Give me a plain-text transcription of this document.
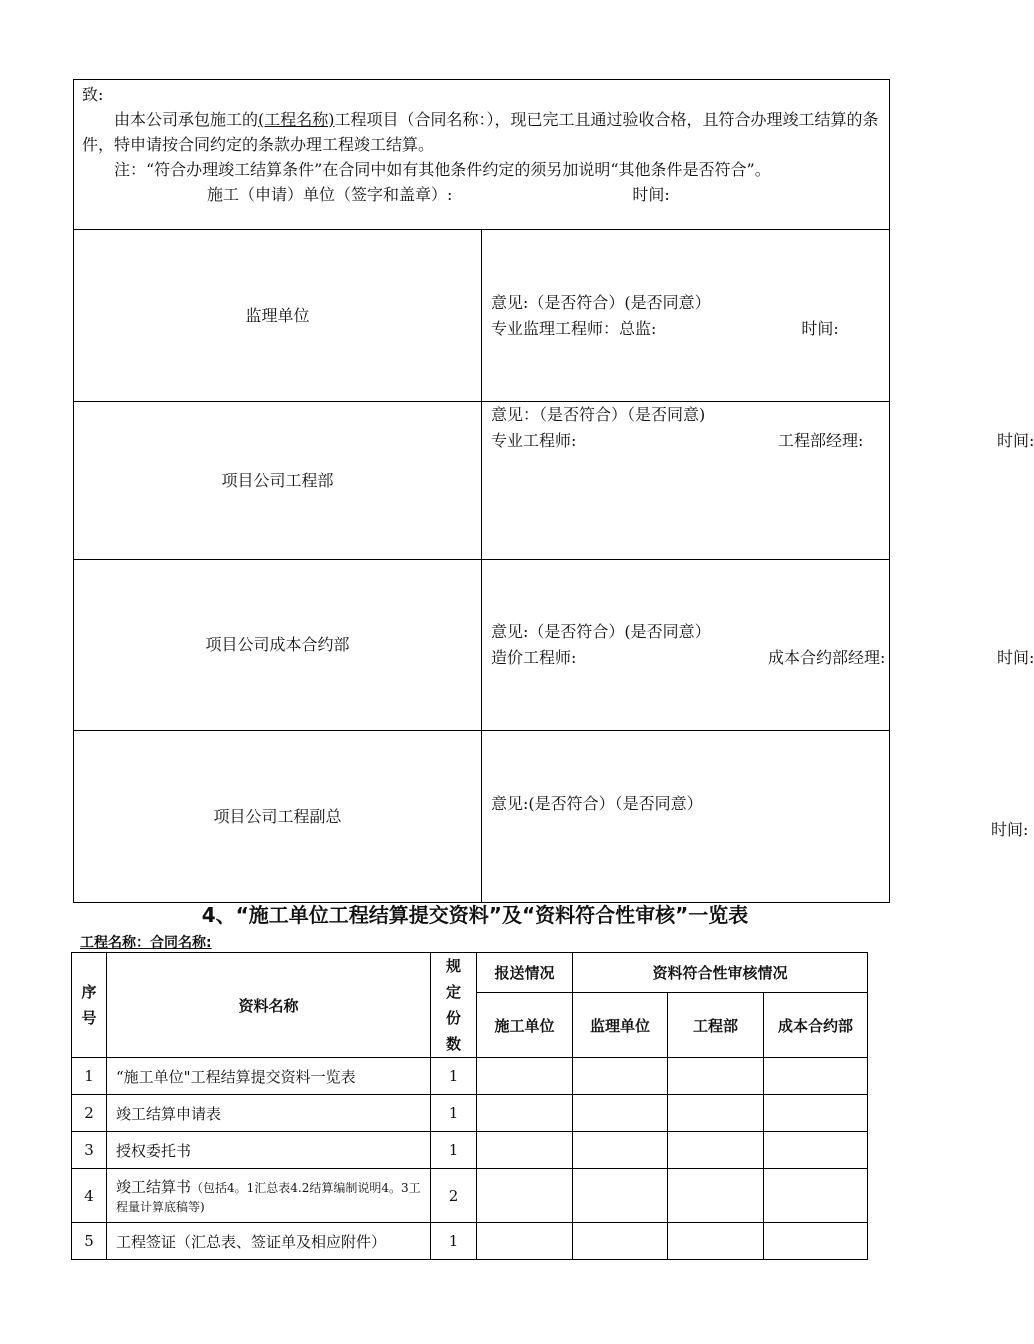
致:

由本公司承包施工的(工程名称)工程项目（合同名称：），现已完工且通过验收合格，且符合办理竣工结算的条件，特申请按合同约定的条款办理工程竣工结算。

注：“符合办理竣工结算条件”在合同中如有其他条件约定的须另加说明“其他条件是否符合”。

施工（申请）单位（签字和盖章）: 时间:	

监理单位	意见:（是否符合）(是否同意）
专业监理工程师：总监: 时间:

项目公司工程部	意见：（是否符合）（是否同意)
专业工程师: 工程部经理: 时间:

项目公司成本合约部	意见:（是否符合）(是否同意）
造价工程师: 成本合约部经理: 时间:

项目公司工程副总	意见:(是否符合）（是否同意）
时间:
4、“施工单位工程结算提交资料”及“资料符合性审核”一览表
工程名称：合同名称:
序号	资料名称	规定份数	报送情况	资料符合性审核情况		
			施工单位	监理单位	工程部	成本合约部
1	“施工单位"工程结算提交资料一览表	1				
2	竣工结算申请表	1				
3	授权委托书	1				
4	竣工结算书（包括4。1汇总表4.2结算编制说明4。3工程量计算底稿等)	2				
5	工程签证（汇总表、签证单及相应附件）	1				
